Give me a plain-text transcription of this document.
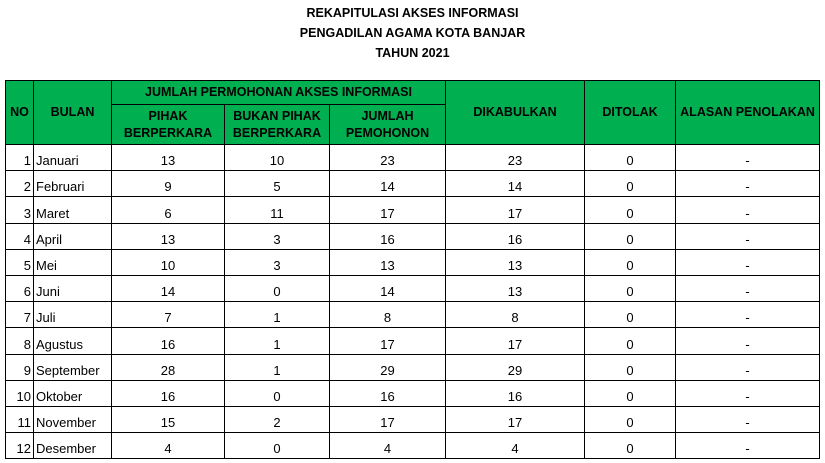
REKAPITULASI AKSES INFORMASI
PENGADILAN AGAMA KOTA BANJAR
TAHUN 2021
NO	BULAN	JUMLAH PERMOHONAN AKSES INFORMASI			DIKABULKAN	DITOLAK	ALASAN PENOLAKAN
		PIHAK BERPERKARA	BUKAN PIHAK BERPERKARA	JUMLAH PEMOHONON			
1	Januari	13	10	23	23	0	-
2	Februari	9	5	14	14	0	-
3	Maret	6	11	17	17	0	-
4	April	13	3	16	16	0	-
5	Mei	10	3	13	13	0	-
6	Juni	14	0	14	13	0	-
7	Juli	7	1	8	8	0	-
8	Agustus	16	1	17	17	0	-
9	September	28	1	29	29	0	-
10	Oktober	16	0	16	16	0	-
11	November	15	2	17	17	0	-
12	Desember	4	0	4	4	0	-
